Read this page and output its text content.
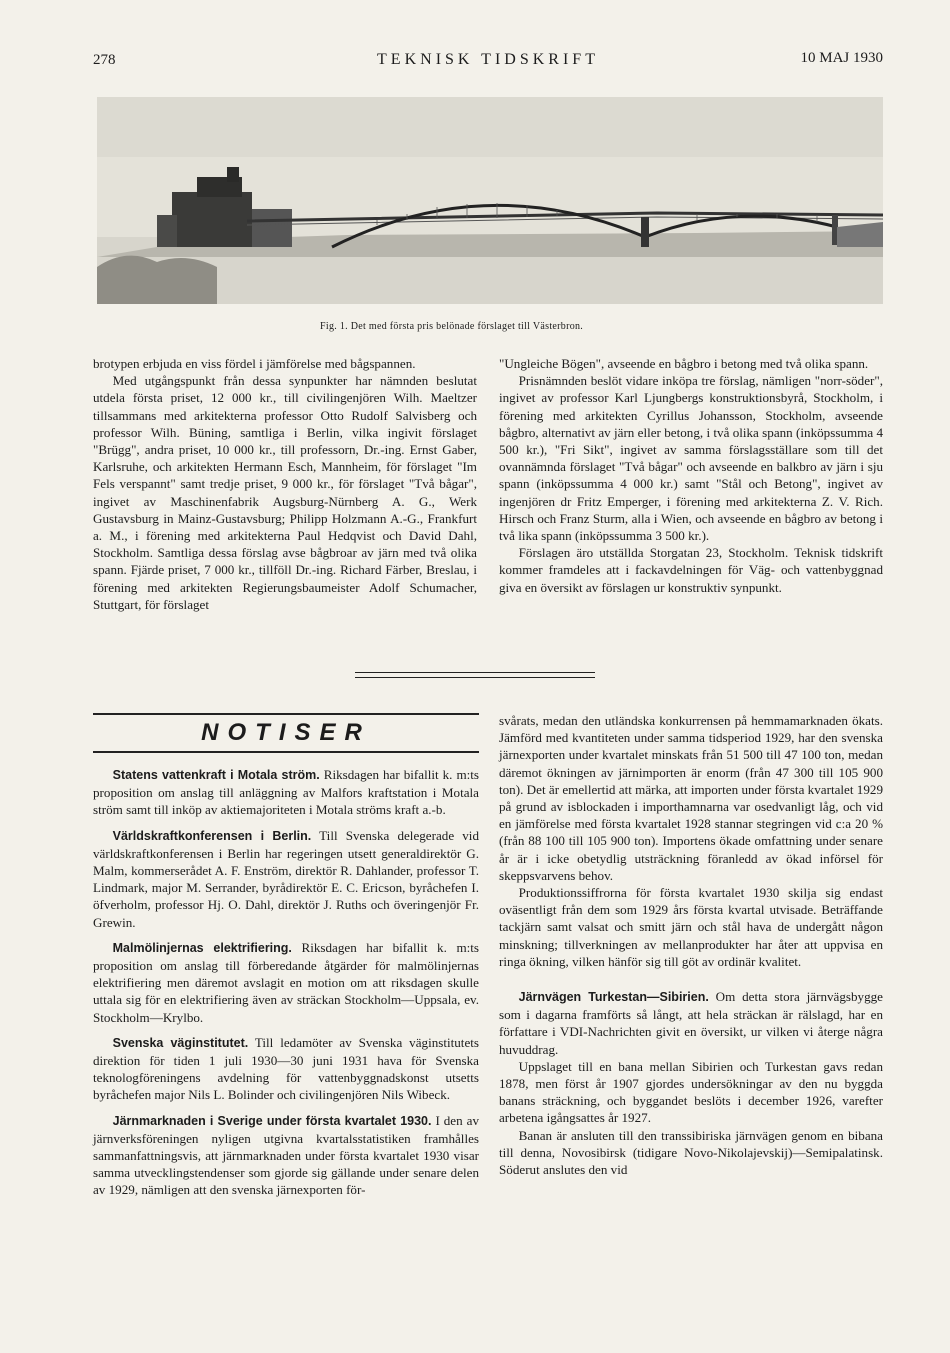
278	TEKNISK TIDSKRIFT	10 MAJ 1930
Fig. 1. Det med första pris belönade förslaget till Västerbron.

brotypen erbjuda en viss fördel i jämförelse med bågspannen.

Med utgångspunkt från dessa synpunkter har nämnden beslutat utdela första priset, 12 000 kr., till civilingenjören Wilh. Maeltzer tillsammans med arkitekterna professor Otto Rudolf Salvisberg och professor Wilh. Büning, samtliga i Berlin, vilka ingivit förslaget "Brügg", andra priset, 10 000 kr., till professorn, Dr.-ing. Ernst Gaber, Karlsruhe, och arkitekten Hermann Esch, Mannheim, för förslaget "Im Fels verspannt" samt tredje priset, 9 000 kr., för förslaget "Två bågar", ingivet av Maschinenfabrik Augsburg-Nürnberg A. G., Werk Gustavsburg in Mainz-Gustavsburg; Philipp Holzmann A.-G., Frankfurt a. M., i förening med arkitekterna Paul Hedqvist och David Dahl, Stockholm. Samtliga dessa förslag avse bågbroar av järn med två olika spann. Fjärde priset, 7 000 kr., tillföll Dr.-ing. Richard Färber, Breslau, i förening med arkitekten Regierungsbaumeister Adolf Schumacher, Stuttgart, för förslaget

"Ungleiche Bögen", avseende en bågbro i betong med två olika spann.

Prisnämnden beslöt vidare inköpa tre förslag, nämligen "norr-söder", ingivet av professor Karl Ljungbergs konstruktionsbyrå, Stockholm, i förening med arkitekten Cyrillus Johansson, Stockholm, avseende bågbro, alternativt av järn eller betong, i två olika spann (inköpssumma 4 500 kr.), "Fri Sikt", ingivet av samma förslagsställare som till det ovannämnda förslaget "Två bågar" och avseende en balkbro av järn i sju spann (inköpssumma 4 000 kr.) samt "Stål och Betong", ingivet av ingenjören dr Fritz Emperger, i förening med arkitekterna Z. V. Rich. Hirsch och Franz Sturm, alla i Wien, och avseende en bågbro av betong i två lika spann (inköpssumma 3 500 kr.).

Förslagen äro utställda Storgatan 23, Stockholm. Teknisk tidskrift kommer framdeles att i fackavdelningen för Väg- och vattenbyggnad giva en översikt av förslagen ur konstruktiv synpunkt.

NOTISER

Statens vattenkraft i Motala ström. Riksdagen har bifallit k. m:ts proposition om anslag till anläggning av Malfors kraftstation i Motala ström samt till inköp av aktiemajoriteten i Motala ströms kraft a.-b.

Världskraftkonferensen i Berlin. Till Svenska delegerade vid världskraftkonferensen i Berlin har regeringen utsett generaldirektör G. Malm, kommerserådet A. F. Enström, direktör R. Dahlander, professor T. Lindmark, major M. Serrander, byrådirektör E. C. Ericson, byråchefen I. öfverholm, professor Hj. O. Dahl, direktör J. Ruths och överingenjör Fr. Grewin.

Malmölinjernas elektrifiering. Riksdagen har bifallit k. m:ts proposition om anslag till förberedande åtgärder för malmölinjernas elektrifiering men däremot avslagit en motion om att riksdagen skulle uttala sig för en elektrifiering även av sträckan Stockholm—Uppsala, ev. Stockholm—Krylbo.

Svenska väginstitutet. Till ledamöter av Svenska väginstitutets direktion för tiden 1 juli 1930—30 juni 1931 hava för Svenska teknologföreningens avdelning för vattenbyggnadskonst utsetts byråchefen major Nils L. Bolinder och civilingenjören Nils Wibeck.

Järnmarknaden i Sverige under första kvartalet 1930. I den av järnverksföreningen nyligen utgivna kvartalsstatistiken framhålles sammanfattningsvis, att järnmarknaden under första kvartalet 1930 visar samma utvecklingstendenser som gjorde sig gällande under senare delen av 1929, nämligen att den svenska järnexporten för-

svårats, medan den utländska konkurrensen på hemmamarknaden ökats. Jämförd med kvantiteten under samma tidsperiod 1929, har den svenska järnexporten under kvartalet minskats från 51 500 till 47 100 ton, medan däremot ökningen av järnimporten är enorm (från 47 300 till 105 900 ton). Det är emellertid att märka, att importen under första kvartalet 1929 på grund av isblockaden i importhamnarna var osedvanligt låg, och vid en jämförelse med första kvartalet 1928 stannar stegringen vid c:a 20 % (från 88 100 till 105 900 ton). Importens ökade omfattning under senare år är i icke obetydlig utsträckning föranledd av ökad införsel för skeppsvarvens behov.

Produktionssiffrorna för första kvartalet 1930 skilja sig endast oväsentligt från dem som 1929 års första kvartal utvisade. Beträffande tackjärn samt valsat och smitt järn och stål hava de undergått någon minskning; tillverkningen av mellanprodukter har åter att uppvisa en ringa ökning, vilken hänför sig till göt av ordinär kvalitet.

Järnvägen Turkestan—Sibirien. Om detta stora järnvägsbygge som i dagarna framförts så långt, att hela sträckan är rälslagd, har en författare i VDI-Nachrichten givit en översikt, ur vilken vi återge några huvuddrag.

Uppslaget till en bana mellan Sibirien och Turkestan gavs redan 1878, men först år 1907 gjordes undersökningar av den nu byggda banans sträckning, och byggandet beslöts i december 1926, varefter arbetena igångsattes år 1927.

Banan är ansluten till den transsibiriska järnvägen genom en bibana till denna, Novosibirsk (tidigare Novo-Nikolajevskij)—Semipalatinsk. Söderut anslutes den vid
